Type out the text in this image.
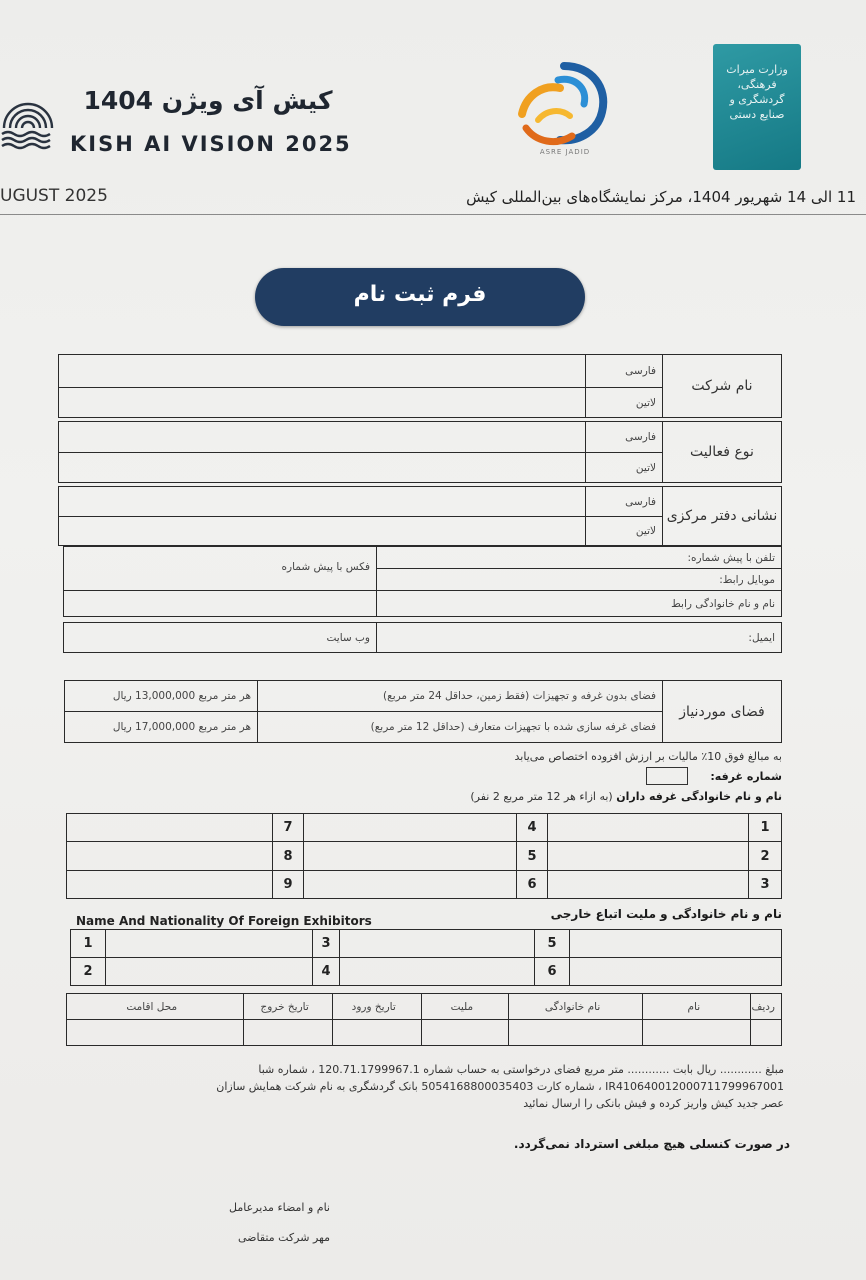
کیش آی ویژن 1404
KISH AI VISION 2025	ASRE JADID
وزارت میراث فرهنگی، گردشگری و صنایع دستی
UGUST 2025	11 الی 14 شهریور 1404، مرکز نمایشگاه‌های بین‌المللی کیش
فرم ثبت نام
	فارسی	نام شرکت
	لاتین	

	فارسی	نوع فعالیت
	لاتین	

	فارسی	نشانی دفتر مرکزی
	لاتین	
فکس با پیش شماره	تلفن با پیش شماره:
	موبایل رابط:
	نام و نام خانوادگی رابط

وب سایت	ایمیل:
هر متر مربع 13,000,000 ریال	فضای بدون غرفه و تجهیزات (فقط زمین، حداقل 24 متر مربع)	فضای موردنیاز
هر متر مربع 17,000,000 ریال	فضای غرفه سازی شده با تجهیزات متعارف (حداقل 12 متر مربع)	
به مبالغ فوق 10٪ مالیات بر ارزش افزوده اختصاص می‌یابد
شماره غرفه:
نام و نام خانوادگی غرفه داران (به ازاء هر 12 متر مربع 2 نفر)
	7		4		1
	8		5		2
	9		6		3
Name And Nationality Of Foreign Exhibitors	نام و نام خانوادگی و ملیت اتباع خارجی
1		3		5	
2		4		6	
محل اقامت	تاریخ خروج	تاریخ ورود	ملیت	نام خانوادگی	نام	ردیف

مبلغ ............ ریال بابت ............ متر مربع فضای درخواستی به حساب شماره 120.71.1799967.1 ، شماره شبا
IR410640012000711799967001 ، شماره کارت 5054168800035403 بانک گردشگری به نام شرکت همایش سازان
عصر جدید کیش واریز کرده و فیش بانکی را ارسال نمائید
در صورت کنسلی هیچ مبلغی استرداد نمی‌گردد.
نام و امضاء مدیرعامل
مهر شرکت متقاضی
